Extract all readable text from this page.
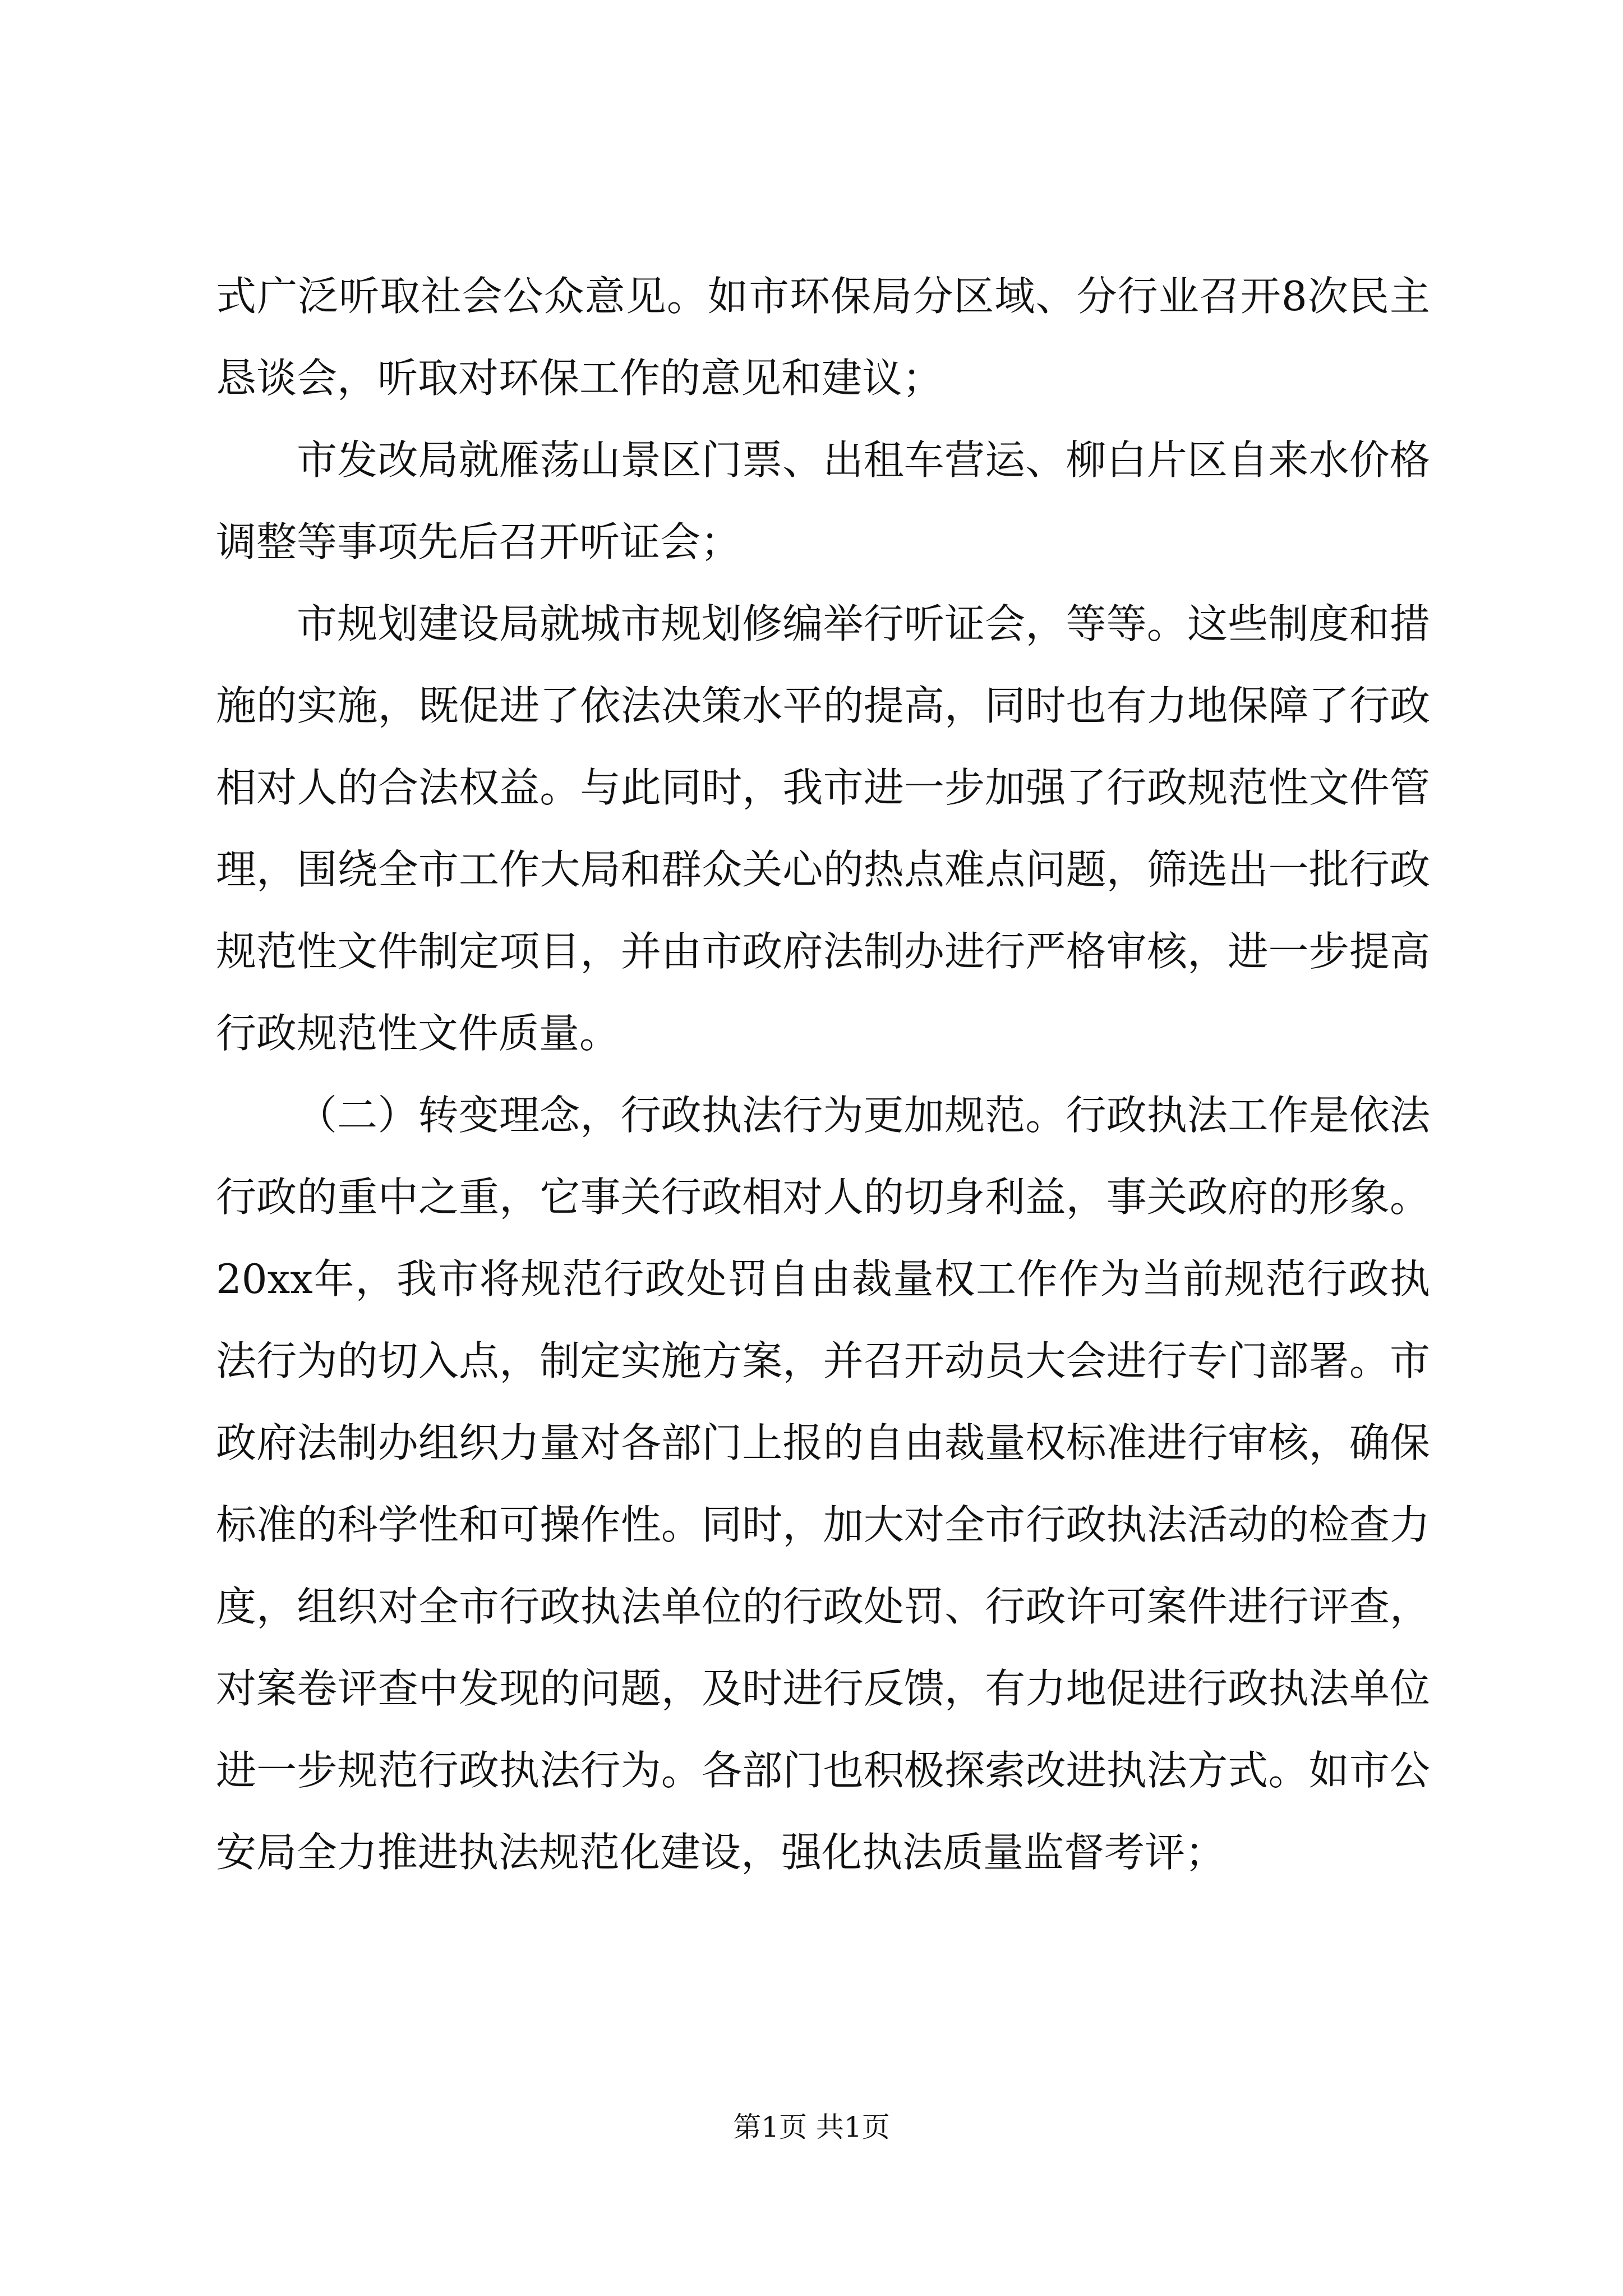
式广泛听取社会公众意见。如市环保局分区域、分行业召开8次民主恳谈会，听取对环保工作的意见和建议；

市发改局就雁荡山景区门票、出租车营运、柳白片区自来水价格调整等事项先后召开听证会；

市规划建设局就城市规划修编举行听证会，等等。这些制度和措施的实施，既促进了依法决策水平的提高，同时也有力地保障了行政相对人的合法权益。与此同时，我市进一步加强了行政规范性文件管理，围绕全市工作大局和群众关心的热点难点问题，筛选出一批行政规范性文件制定项目，并由市政府法制办进行严格审核，进一步提高行政规范性文件质量。

（二）转变理念，行政执法行为更加规范。行政执法工作是依法行政的重中之重，它事关行政相对人的切身利益，事关政府的形象。20xx年，我市将规范行政处罚自由裁量权工作作为当前规范行政执法行为的切入点，制定实施方案，并召开动员大会进行专门部署。市政府法制办组织力量对各部门上报的自由裁量权标准进行审核，确保标准的科学性和可操作性。同时，加大对全市行政执法活动的检查力度，组织对全市行政执法单位的行政处罚、行政许可案件进行评查，对案卷评查中发现的问题，及时进行反馈，有力地促进行政执法单位进一步规范行政执法行为。各部门也积极探索改进执法方式。如市公安局全力推进执法规范化建设，强化执法质量监督考评；

第1页 共1页
